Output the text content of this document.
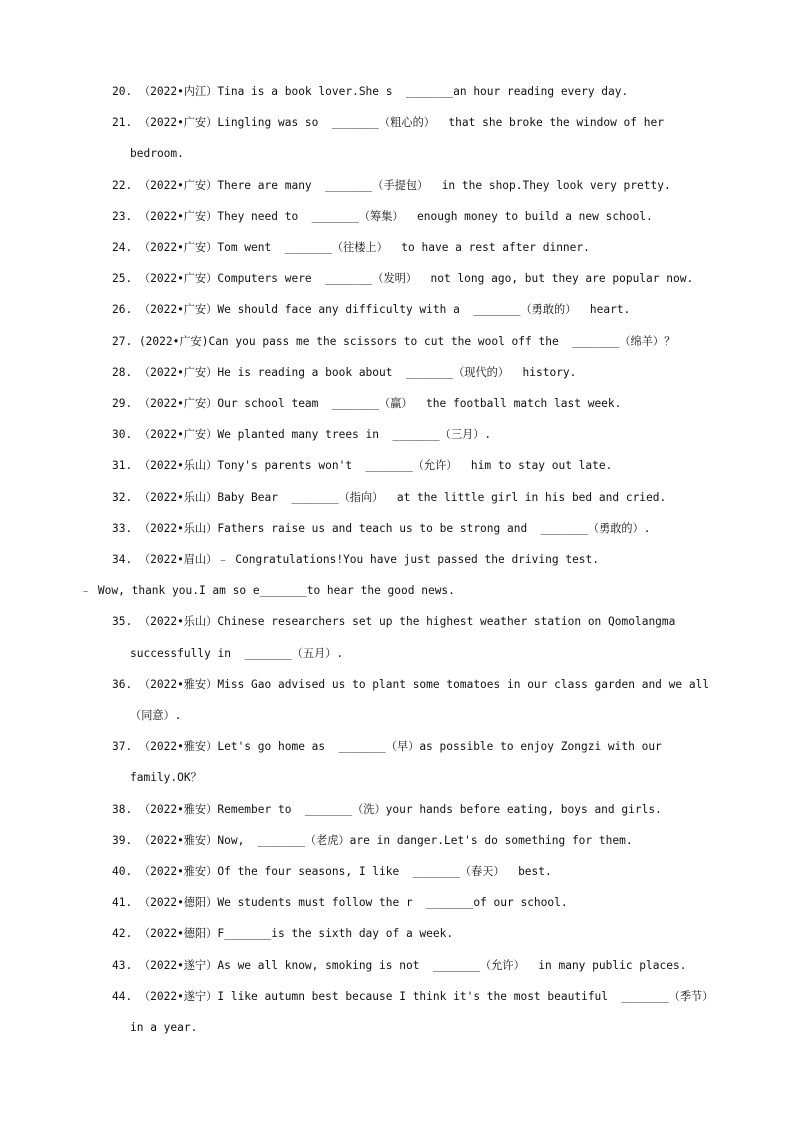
20. （2022•内江）Tina is a book lover.She s  _______an hour reading every day.
21. （2022•广安）Lingling was so  _______（粗心的）  that she broke the window of her
bedroom.
22. （2022•广安）There are many  _______（手提包）  in the shop.They look very pretty.
23. （2022•广安）They need to  _______（筹集）  enough money to build a new school.
24. （2022•广安）Tom went  _______（往楼上）  to have a rest after dinner.
25. （2022•广安）Computers were  _______（发明）  not long ago, but they are popular now.
26. （2022•广安）We should face any difficulty with a  _______（勇敢的）  heart.
27. (2022•广安)Can you pass me the scissors to cut the wool off the  _______（绵羊）？
28. （2022•广安）He is reading a book about  _______（现代的）  history.
29. （2022•广安）Our school team  _______（赢）  the football match last week.
30. （2022•广安）We planted many trees in  _______（三月）.
31. （2022•乐山）Tony's parents won't  _______（允许）  him to stay out late.
32. （2022•乐山）Baby Bear  _______（指向）  at the little girl in his bed and cried.
33. （2022•乐山）Fathers raise us and teach us to be strong and  _______（勇敢的）.
34. （2022•眉山）﹣ Congratulations!You have just passed the driving test.
﹣ Wow, thank you.I am so e_______to hear the good news.
35. （2022•乐山）Chinese researchers set up the highest weather station on Qomolangma
successfully in  _______（五月）.
36. （2022•雅安）Miss Gao advised us to plant some tomatoes in our class garden and we all
（同意）.
37. （2022•雅安）Let's go home as  _______（早）as possible to enjoy Zongzi with our
family.OK？
38. （2022•雅安）Remember to  _______（洗）your hands before eating, boys and girls.
39. （2022•雅安）Now,  _______（老虎）are in danger.Let's do something for them.
40. （2022•雅安）Of the four seasons, I like  _______（春天）  best.
41. （2022•德阳）We students must follow the r  _______of our school.
42. （2022•德阳）F_______is the sixth day of a week.
43. （2022•遂宁）As we all know, smoking is not  _______（允许）  in many public places.
44. （2022•遂宁）I like autumn best because I think it's the most beautiful  _______（季节）
in a year.
